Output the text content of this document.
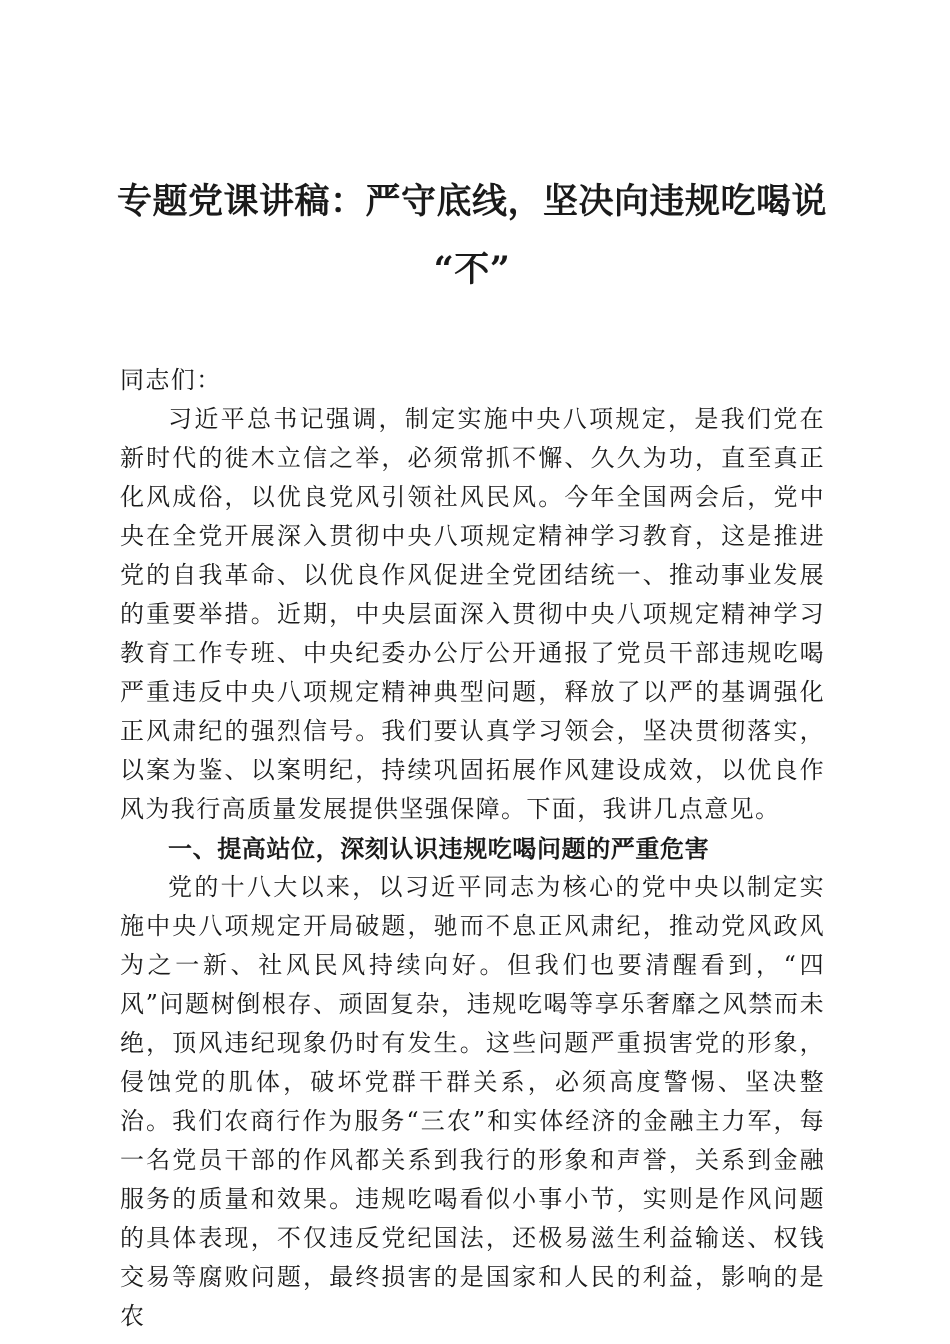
专题党课讲稿：严守底线，坚决向违规吃喝说
“不”

同志们：

习近平总书记强调，制定实施中央八项规定，是我们党在新时代的徙木立信之举，必须常抓不懈、久久为功，直至真正化风成俗，以优良党风引领社风民风。今年全国两会后，党中央在全党开展深入贯彻中央八项规定精神学习教育，这是推进党的自我革命、以优良作风促进全党团结统一、推动事业发展的重要举措。近期，中央层面深入贯彻中央八项规定精神学习教育工作专班、中央纪委办公厅公开通报了党员干部违规吃喝严重违反中央八项规定精神典型问题，释放了以严的基调强化正风肃纪的强烈信号。我们要认真学习领会，坚决贯彻落实，以案为鉴、以案明纪，持续巩固拓展作风建设成效，以优良作风为我行高质量发展提供坚强保障。下面，我讲几点意见。

一、提高站位，深刻认识违规吃喝问题的严重危害

党的十八大以来，以习近平同志为核心的党中央以制定实施中央八项规定开局破题，驰而不息正风肃纪，推动党风政风为之一新、社风民风持续向好。但我们也要清醒看到，“四风”问题树倒根存、顽固复杂，违规吃喝等享乐奢靡之风禁而未绝，顶风违纪现象仍时有发生。这些问题严重损害党的形象，侵蚀党的肌体，破坏党群干群关系，必须高度警惕、坚决整治。我们农商行作为服务“三农”和实体经济的金融主力军，每一名党员干部的作风都关系到我行的形象和声誉，关系到金融服务的质量和效果。违规吃喝看似小事小节，实则是作风问题的具体表现，不仅违反党纪国法，还极易滋生利益输送、权钱交易等腐败问题，最终损害的是国家和人民的利益，影响的是农
